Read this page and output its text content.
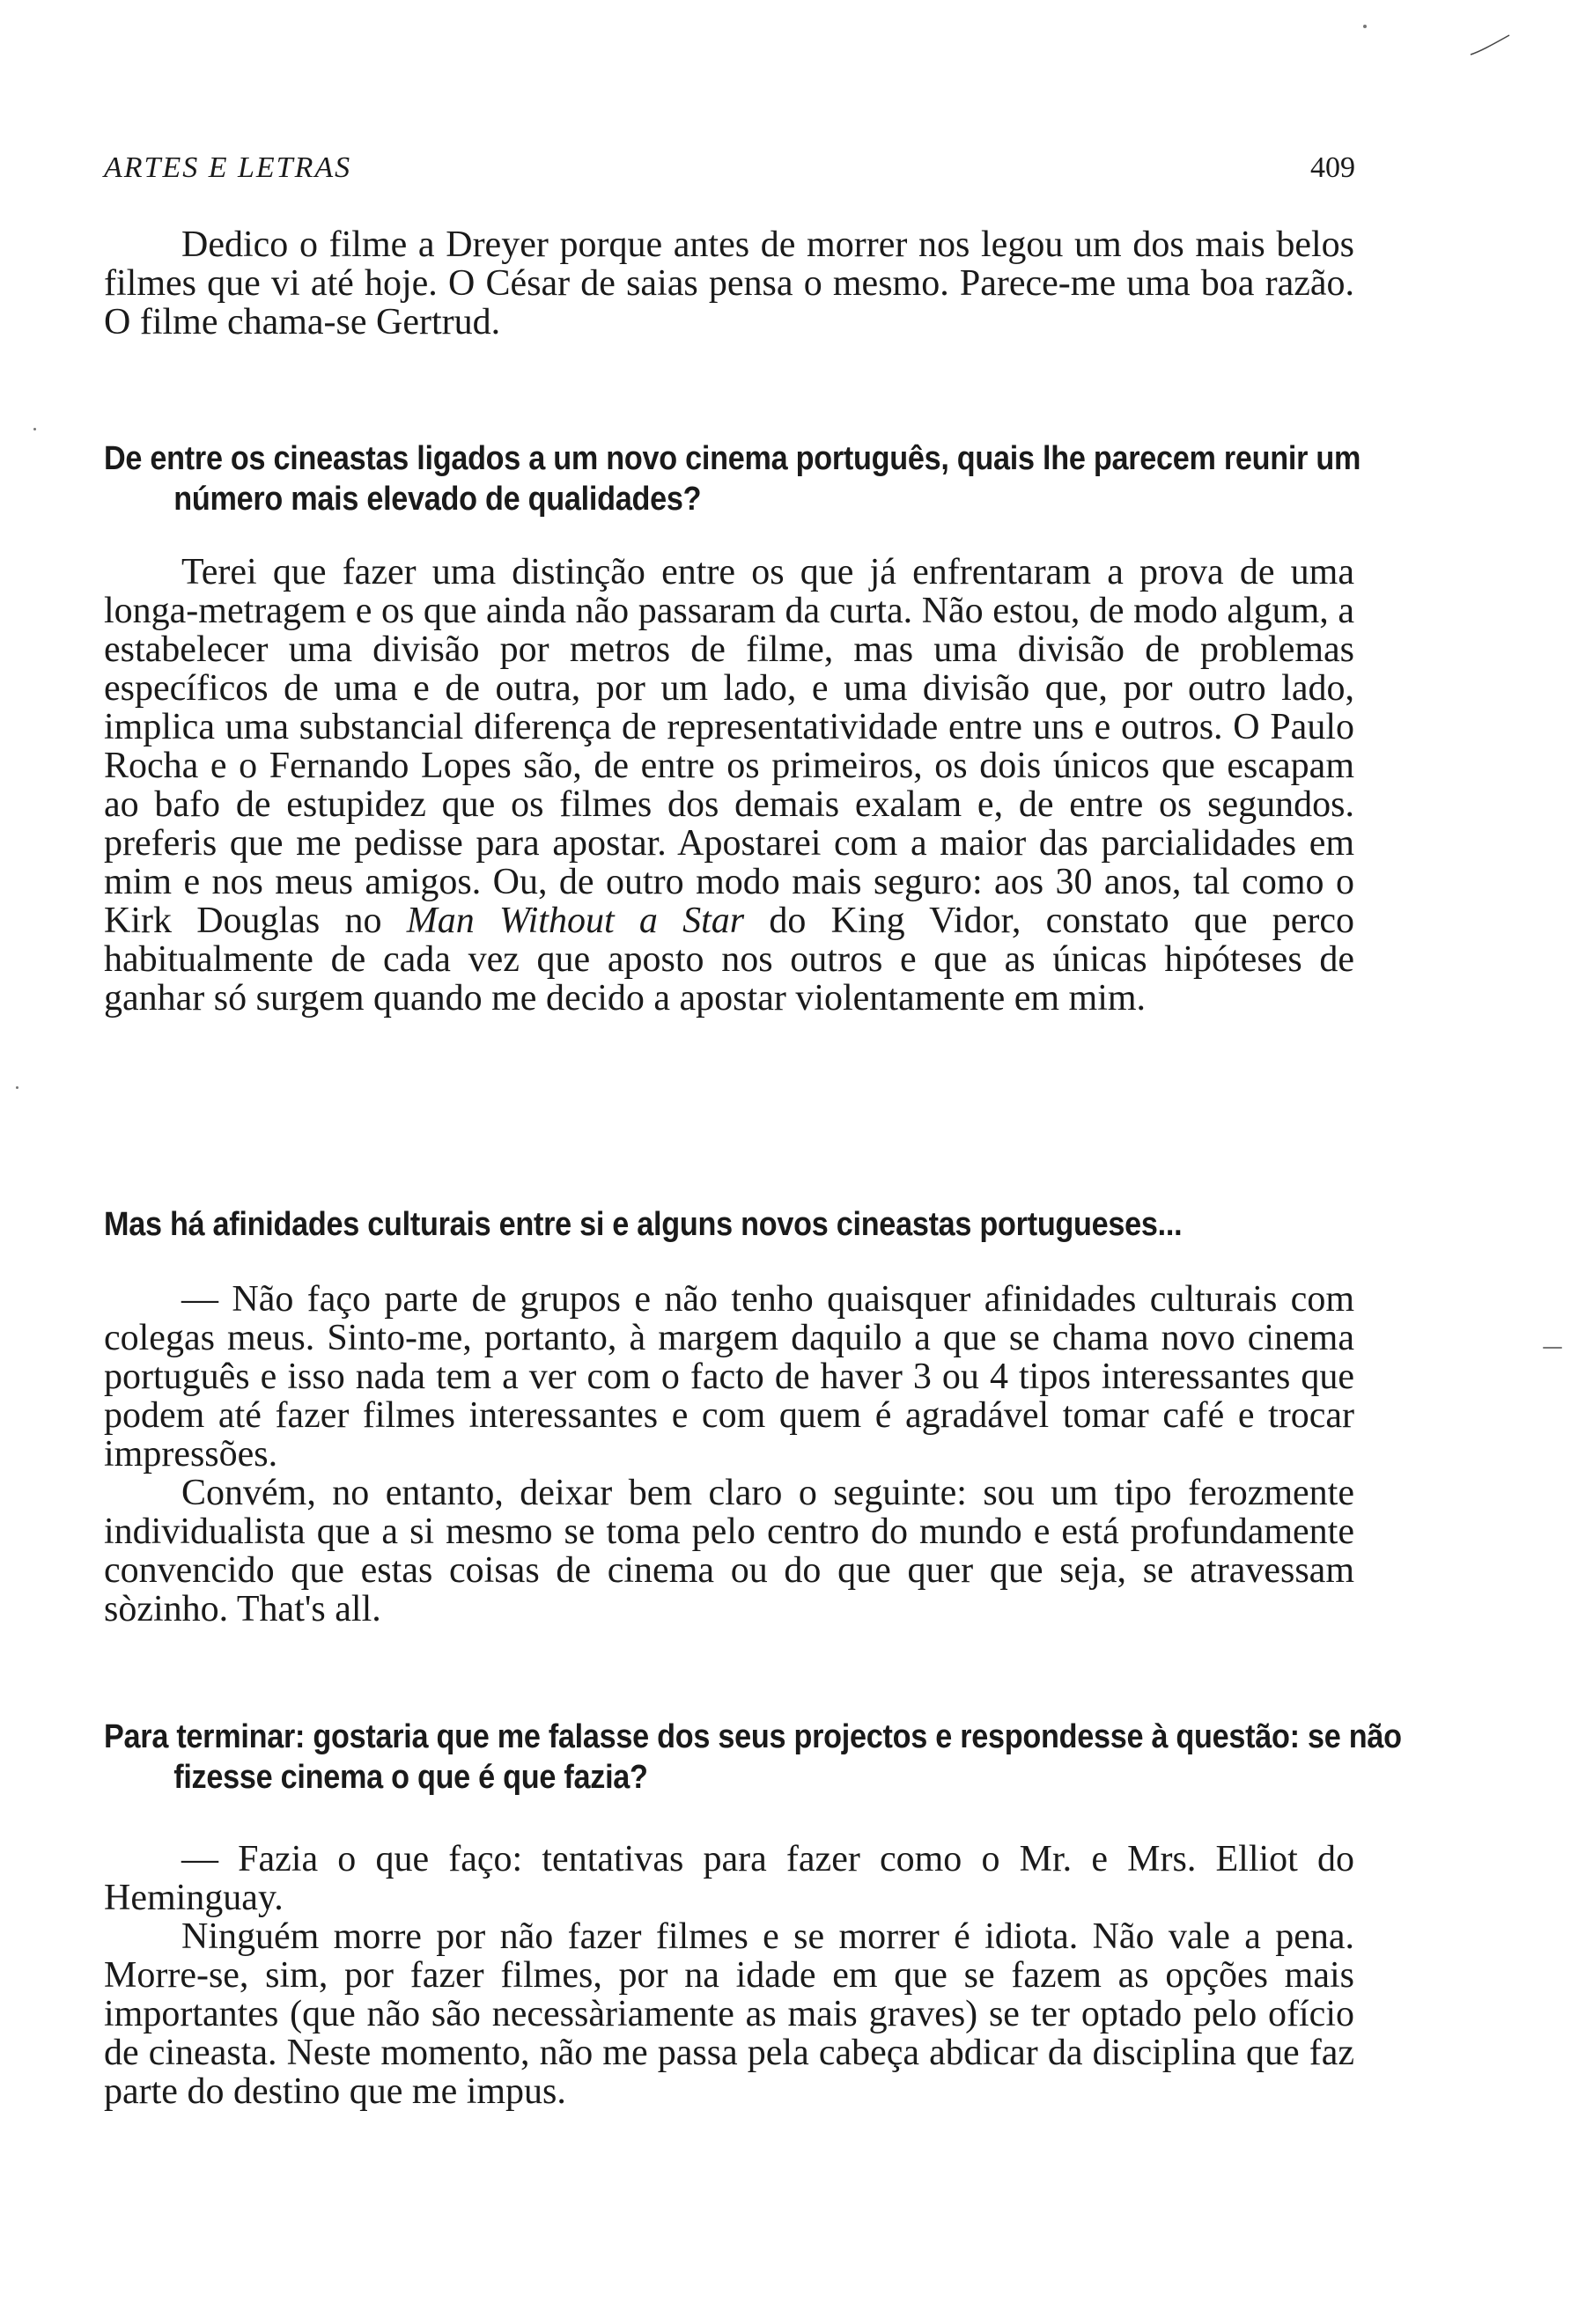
ARTES E LETRAS	409

Dedico o filme a Dreyer porque antes de morrer nos legou um dos mais belos filmes que vi até hoje. O César de saias pensa o mesmo. Parece-me uma boa razão. O filme chama-se Gertrud.

De entre os cineastas ligados a um novo cinema português, quais lhe parecem reunir um número mais elevado de qualidades?

Terei que fazer uma distinção entre os que já enfrentaram a prova de uma longa-metragem e os que ainda não passaram da curta. Não estou, de modo algum, a estabelecer uma divisão por metros de filme, mas uma divisão de problemas específicos de uma e de outra, por um lado, e uma divisão que, por outro lado, implica uma substancial diferença de representatividade entre uns e outros. O Paulo Rocha e o Fernando Lopes são, de entre os primeiros, os dois únicos que escapam ao bafo de estupidez que os filmes dos demais exalam e, de entre os segundos. preferis que me pedisse para apostar. Apostarei com a maior das parcialidades em mim e nos meus amigos. Ou, de outro modo mais seguro: aos 30 anos, tal como o Kirk Douglas no Man Without a Star do King Vidor, constato que perco habitualmente de cada vez que aposto nos outros e que as únicas hipóteses de ganhar só surgem quando me decido a apostar violentamente em mim.

Mas há afinidades culturais entre si e alguns novos cineastas portugueses...

— Não faço parte de grupos e não tenho quaisquer afinidades culturais com colegas meus. Sinto-me, portanto, à margem daquilo a que se chama novo cinema português e isso nada tem a ver com o facto de haver 3 ou 4 tipos interessantes que podem até fazer filmes interessantes e com quem é agradável tomar café e trocar impressões.

Convém, no entanto, deixar bem claro o seguinte: sou um tipo ferozmente individualista que a si mesmo se toma pelo centro do mundo e está profundamente convencido que estas coisas de cinema ou do que quer que seja, se atravessam sòzinho. That's all.

Para terminar: gostaria que me falasse dos seus projectos e respondesse à questão: se não fizesse cinema o que é que fazia?

— Fazia o que faço: tentativas para fazer como o Mr. e Mrs. Elliot do Heminguay.

Ninguém morre por não fazer filmes e se morrer é idiota. Não vale a pena. Morre-se, sim, por fazer filmes, por na idade em que se fazem as opções mais importantes (que não são necessàriamente as mais graves) se ter optado pelo ofício de cineasta. Neste momento, não me passa pela cabeça abdicar da disciplina que faz parte do destino que me impus.
